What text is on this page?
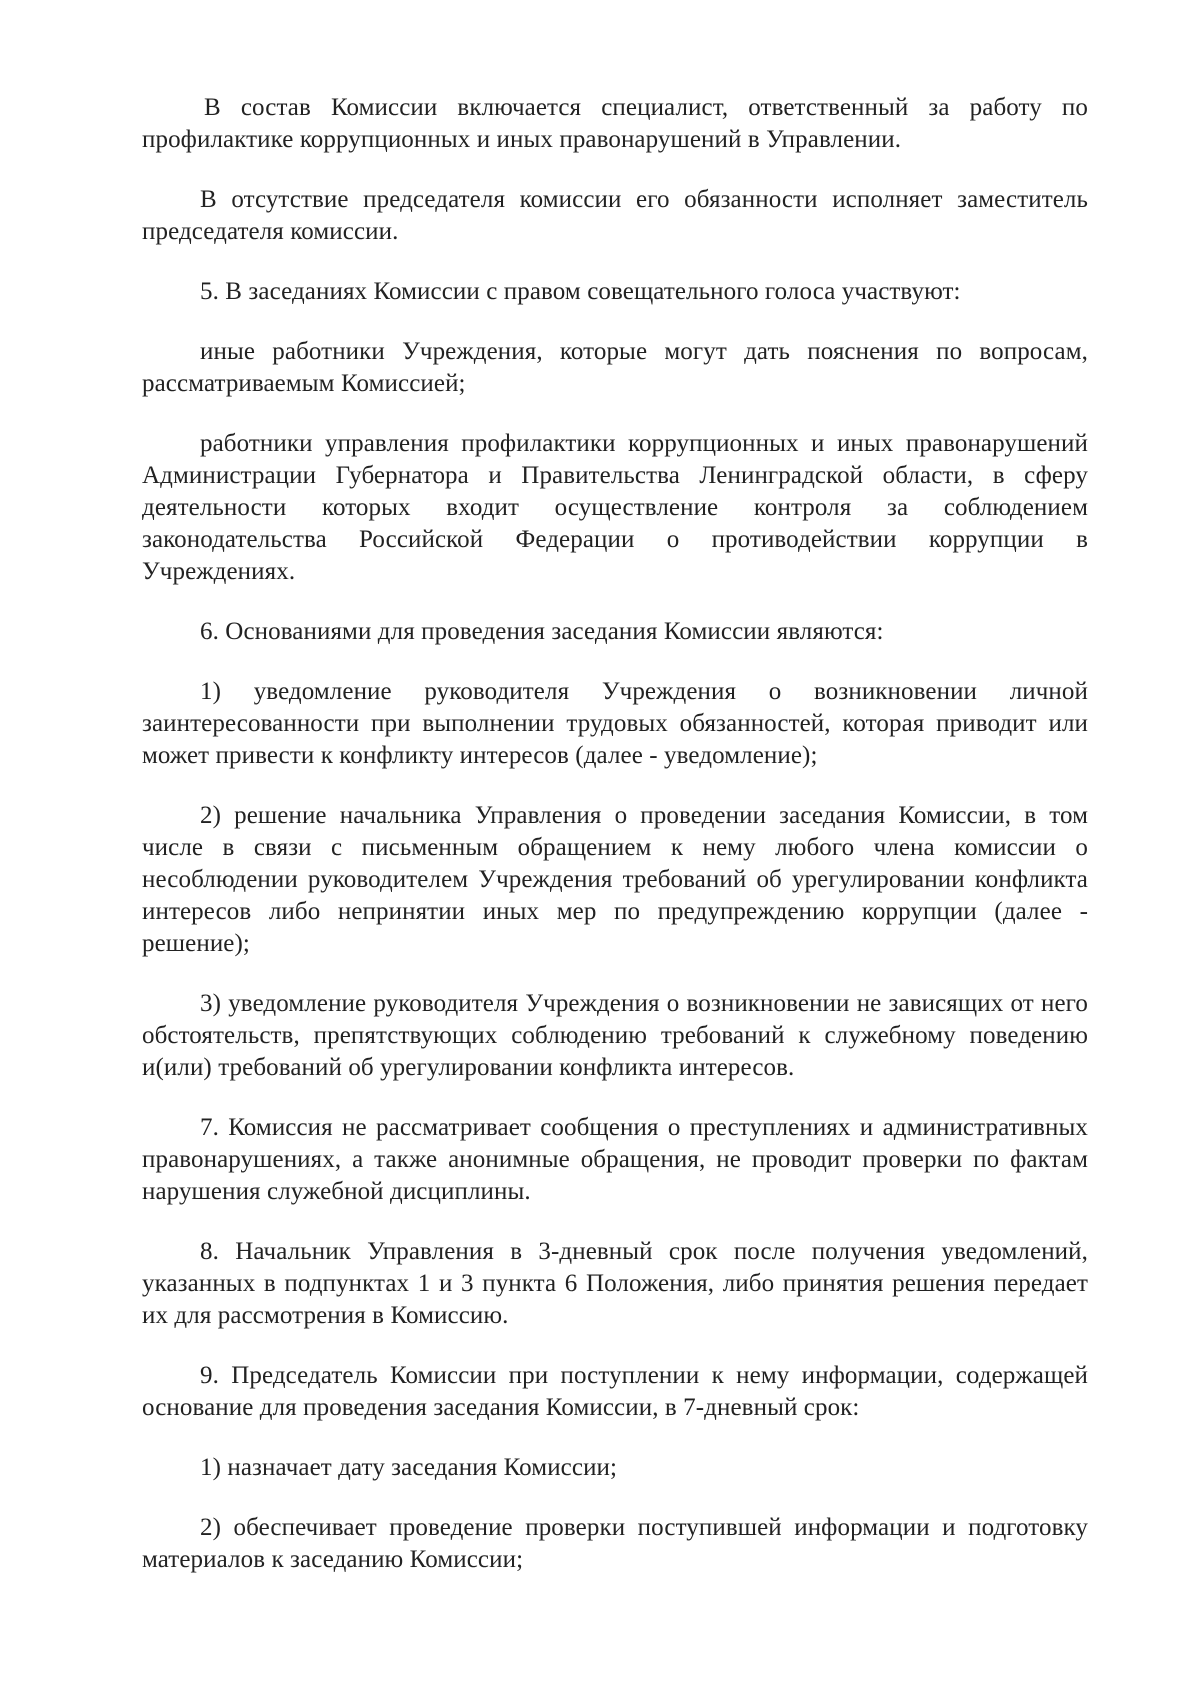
В состав Комиссии включается специалист, ответственный за работу по профилактике коррупционных и иных правонарушений в Управлении.

В отсутствие председателя комиссии его обязанности исполняет заместитель председателя комиссии.

5. В заседаниях Комиссии с правом совещательного голоса участвуют:

иные работники Учреждения, которые могут дать пояснения по вопросам, рассматриваемым Комиссией;

работники управления профилактики коррупционных и иных правонарушений Администрации Губернатора и Правительства Ленинградской области, в сферу деятельности которых входит осуществление контроля за соблюдением законодательства Российской Федерации о противодействии коррупции в Учреждениях.

6. Основаниями для проведения заседания Комиссии являются:

1) уведомление руководителя Учреждения о возникновении личной заинтересованности при выполнении трудовых обязанностей, которая приводит или может привести к конфликту интересов (далее - уведомление);

2) решение начальника Управления о проведении заседания Комиссии, в том числе в связи с письменным обращением к нему любого члена комиссии о несоблюдении руководителем Учреждения требований об урегулировании конфликта интересов либо непринятии иных мер по предупреждению коррупции (далее - решение);

3) уведомление руководителя Учреждения о возникновении не зависящих от него обстоятельств, препятствующих соблюдению требований к служебному поведению и(или) требований об урегулировании конфликта интересов.

7. Комиссия не рассматривает сообщения о преступлениях и административных правонарушениях, а также анонимные обращения, не проводит проверки по фактам нарушения служебной дисциплины.

8. Начальник Управления в 3-дневный срок после получения уведомлений, указанных в подпунктах 1 и 3 пункта 6 Положения, либо принятия решения передает их для рассмотрения в Комиссию.

9. Председатель Комиссии при поступлении к нему информации, содержащей основание для проведения заседания Комиссии, в 7-дневный срок:

1) назначает дату заседания Комиссии;

2) обеспечивает проведение проверки поступившей информации и подготовку материалов к заседанию Комиссии;
